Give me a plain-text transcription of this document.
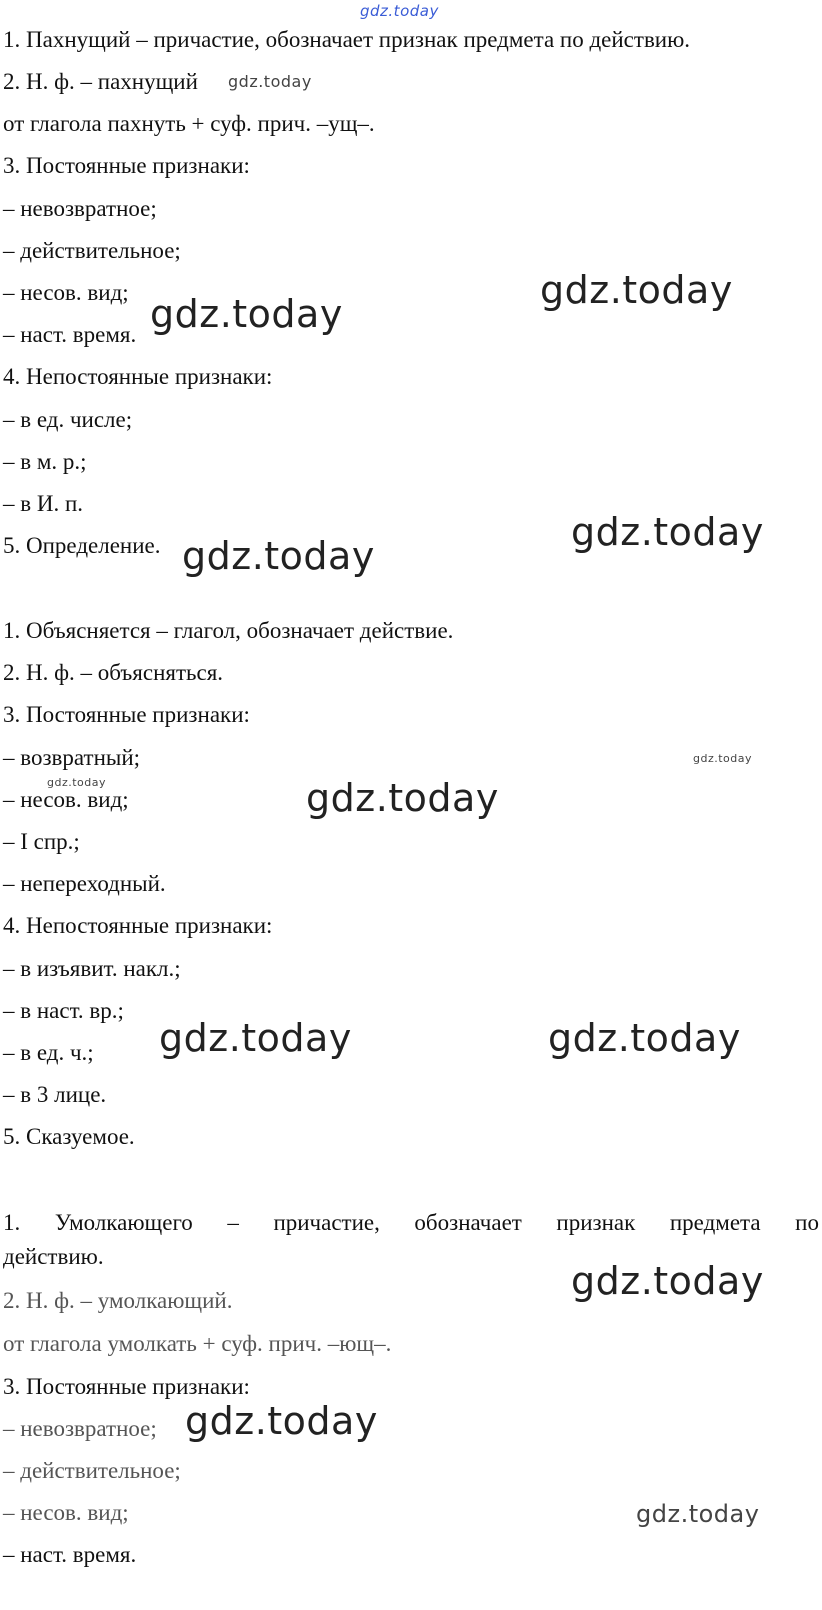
gdz.today
gdz.today
gdz.today
gdz.today
gdz.today
gdz.today
gdz.today
gdz.today	gdz.today
gdz.today	gdz.today
gdz.today
gdz.today
gdz.today
1. Пахнущий – причастие, обозначает признак предмета по действию.
2. Н. ф. – пахнущий
от глагола пахнуть + суф. прич. –ущ–.
3. Постоянные признаки:
– невозвратное;
– действительное;
– несов. вид;
– наст. время.
4. Непостоянные признаки:
– в ед. числе;
– в м. р.;
– в И. п.
5. Определение.
1. Объясняется – глагол, обозначает действие.
2. Н. ф. – объясняться.
3. Постоянные признаки:
– возвратный;
– несов. вид;
– I спр.;
– непереходный.
4. Непостоянные признаки:
– в изъявит. накл.;
– в наст. вр.;
– в ед. ч.;
– в 3 лице.
5. Сказуемое.
1. Умолкающего – причастие, обозначает признак предмета по
действию.
2. Н. ф. – умолкающий.
от глагола умолкать + суф. прич. –ющ–.
3. Постоянные признаки:
– невозвратное;
– действительное;
– несов. вид;
– наст. время.
